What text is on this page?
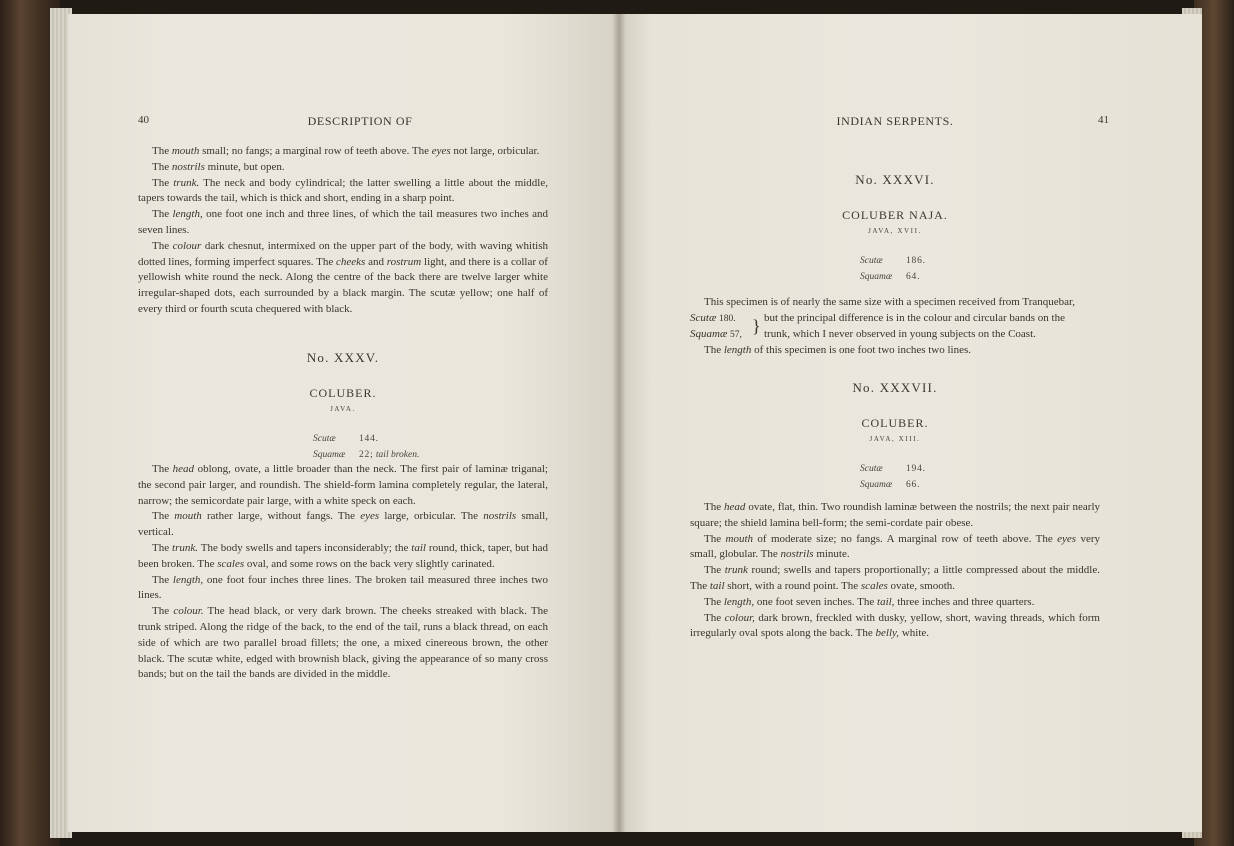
40	DESCRIPTION OF

The mouth small; no fangs; a marginal row of teeth above. The eyes not large, orbicular.

The nostrils minute, but open.

The trunk. The neck and body cylindrical; the latter swelling a little about the middle, tapers towards the tail, which is thick and short, ending in a sharp point.

The length, one foot one inch and three lines, of which the tail measures two inches and seven lines.

The colour dark chesnut, intermixed on the upper part of the body, with waving whitish dotted lines, forming imperfect squares. The cheeks and rostrum light, and there is a collar of yellowish white round the neck. Along the centre of the back there are twelve larger white irregular-shaped dots, each surrounded by a black margin. The scutæ yellow; one half of every third or fourth scuta chequered with black.

No. XXXV.
COLUBER.
JAVA.
Scutæ 144.
Squamæ 22; tail broken.

The head oblong, ovate, a little broader than the neck. The first pair of laminæ triganal; the second pair larger, and roundish. The shield-form lamina completely regular, the lateral, narrow; the semicordate pair large, with a white speck on each.

The mouth rather large, without fangs. The eyes large, orbicular. The nostrils small, vertical.

The trunk. The body swells and tapers inconsiderably; the tail round, thick, taper, but had been broken. The scales oval, and some rows on the back very slightly carinated.

The length, one foot four inches three lines. The broken tail measured three inches two lines.

The colour. The head black, or very dark brown. The cheeks streaked with black. The trunk striped. Along the ridge of the back, to the end of the tail, runs a black thread, on each side of which are two parallel broad fillets; the one, a mixed cinereous brown, the other black. The scutæ white, edged with brownish black, giving the appearance of so many cross bands; but on the tail the bands are divided in the middle.

INDIAN SERPENTS.	41
No. XXXVI.
COLUBER NAJA.
JAVA, XVII.
Scutæ 186.
Squamæ 64.

This specimen is of nearly the same size with a specimen received from Tranquebar,

Scutæ 180.
Squamæ 57, } but the principal difference is in the colour and circular bands on the
trunk, which I never observed in young subjects on the Coast.

The length of this specimen is one foot two inches two lines.

No. XXXVII.
COLUBER.
JAVA, XIII.
Scutæ 194.
Squamæ 66.

The head ovate, flat, thin. Two roundish laminæ between the nostrils; the next pair nearly square; the shield lamina bell-form; the semi-cordate pair obese.

The mouth of moderate size; no fangs. A marginal row of teeth above. The eyes very small, globular. The nostrils minute.

The trunk round; swells and tapers proportionally; a little compressed about the middle. The tail short, with a round point. The scales ovate, smooth.

The length, one foot seven inches. The tail, three inches and three quarters.

The colour, dark brown, freckled with dusky, yellow, short, waving threads, which form irregularly oval spots along the back. The belly, white.
